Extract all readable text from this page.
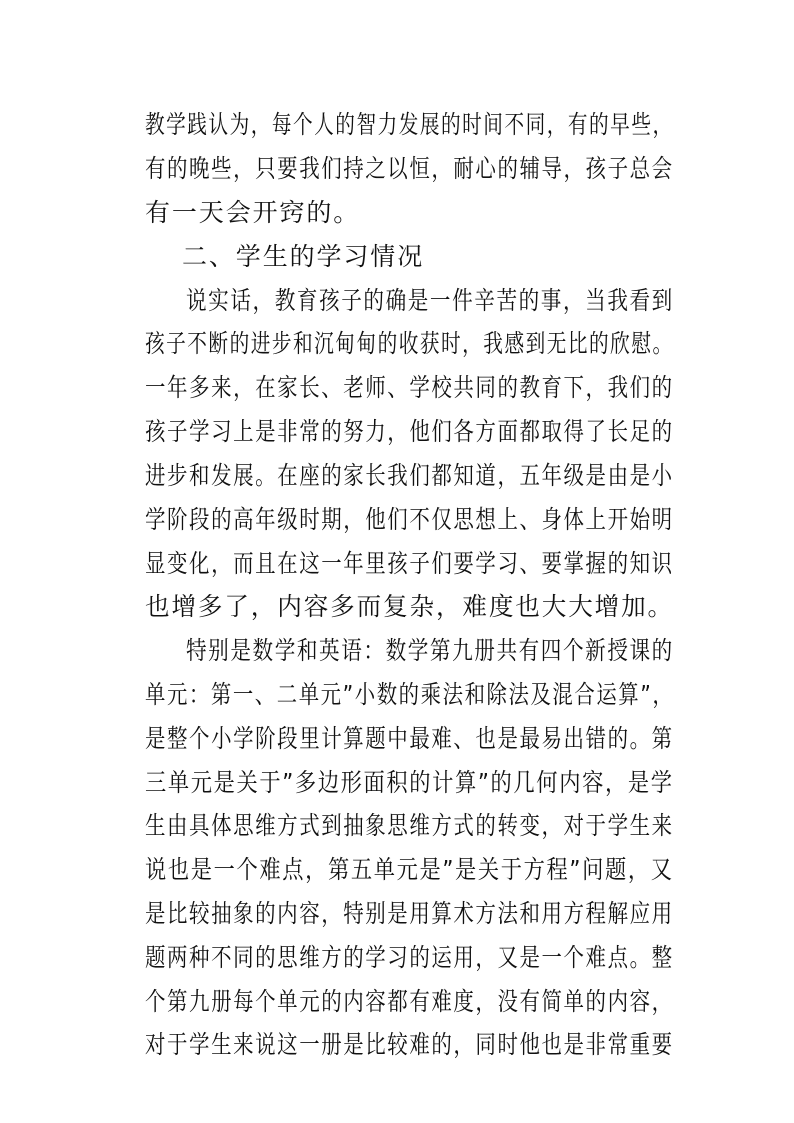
教学践认为，每个人的智力发展的时间不同，有的早些，
有的晚些，只要我们持之以恒，耐心的辅导，孩子总会
有一天会开窍的。
二、学生的学习情况
说实话，教育孩子的确是一件辛苦的事，当我看到
孩子不断的进步和沉甸甸的收获时，我感到无比的欣慰。
一年多来，在家长、老师、学校共同的教育下，我们的
孩子学习上是非常的努力，他们各方面都取得了长足的
进步和发展。在座的家长我们都知道，五年级是由是小
学阶段的高年级时期，他们不仅思想上、身体上开始明
显变化，而且在这一年里孩子们要学习、要掌握的知识
也增多了，内容多而复杂，难度也大大增加。
特别是数学和英语：数学第九册共有四个新授课的
单元：第一、二单元”小数的乘法和除法及混合运算”，
是整个小学阶段里计算题中最难、也是最易出错的。第
三单元是关于”多边形面积的计算”的几何内容，是学
生由具体思维方式到抽象思维方式的转变，对于学生来
说也是一个难点，第五单元是”是关于方程”问题，又
是比较抽象的内容，特别是用算术方法和用方程解应用
题两种不同的思维方的学习的运用，又是一个难点。整
个第九册每个单元的内容都有难度，没有简单的内容，
对于学生来说这一册是比较难的，同时他也是非常重要
